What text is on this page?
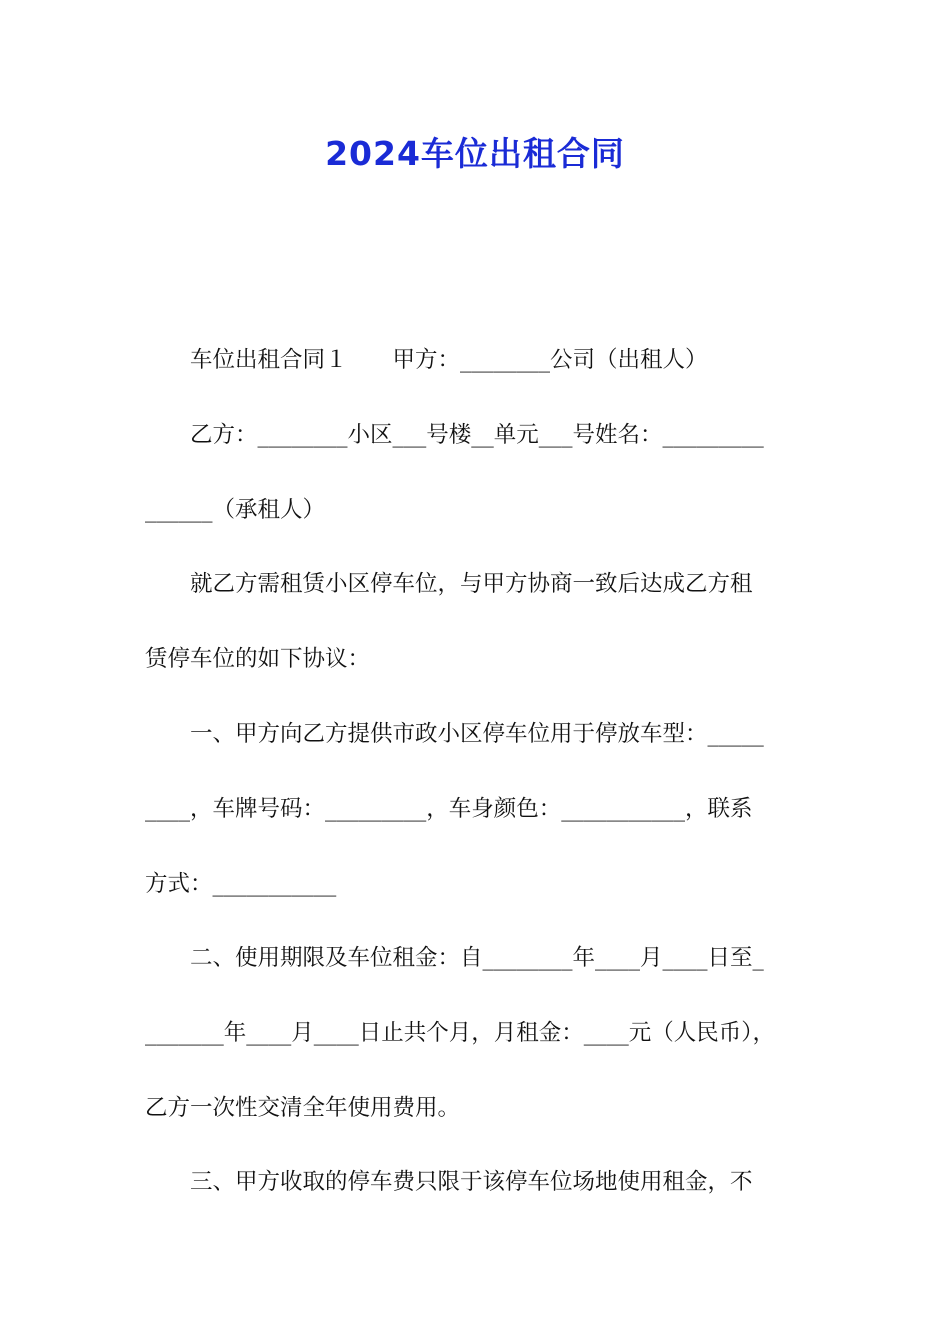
2024车位出租合同
　　车位出租合同１　　甲方：________公司（出租人）
　　乙方：________小区___号楼__单元___号姓名：_________
______（承租人）
　　就乙方需租赁小区停车位，与甲方协商一致后达成乙方租
赁停车位的如下协议：
　　一、甲方向乙方提供市政小区停车位用于停放车型：_____
____，车牌号码：_________，车身颜色：___________，联系
方式：___________
　　二、使用期限及车位租金：自________年____月____日至_
_______年____月____日止共个月，月租金：____元（人民币），
乙方一次性交清全年使用费用。
　　三、甲方收取的停车费只限于该停车位场地使用租金，不
